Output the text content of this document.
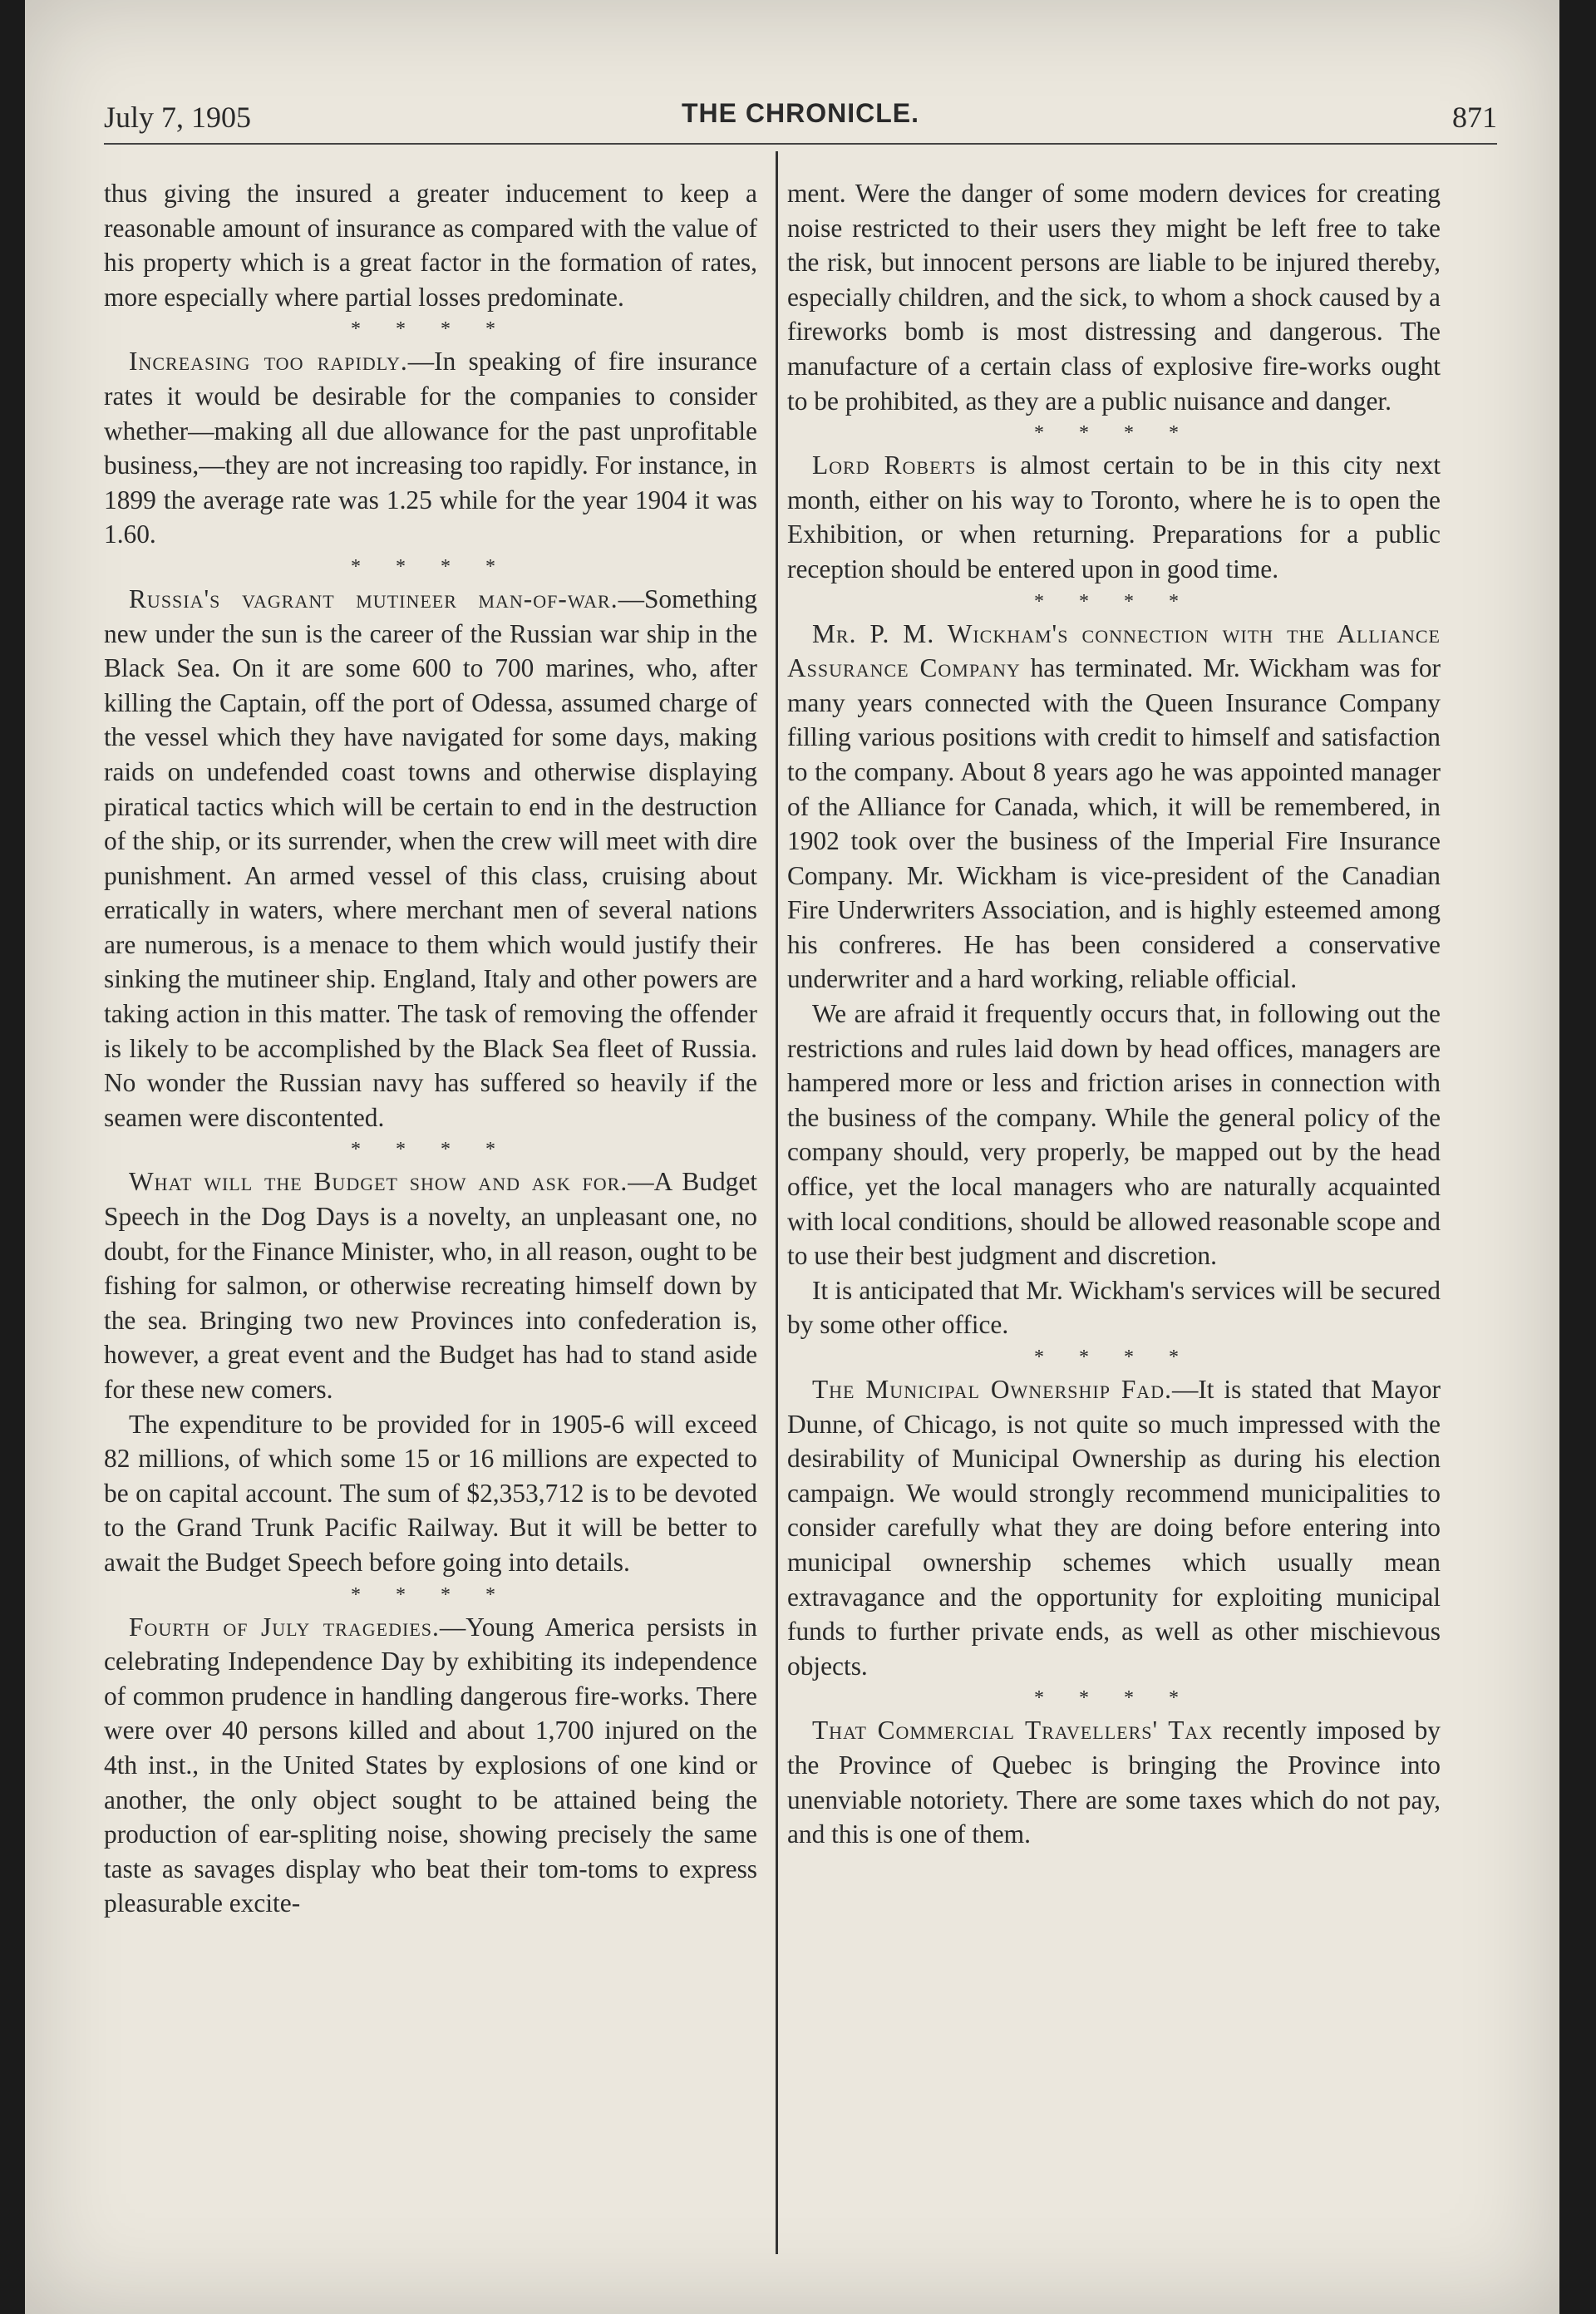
July 7, 1905	THE CHRONICLE.	871

thus giving the insured a greater inducement to keep a reasonable amount of insurance as compared with the value of his property which is a great factor in the formation of rates, more especially where partial losses predominate.

* * * *

Increasing too rapidly.—In speaking of fire insurance rates it would be desirable for the companies to consider whether—making all due allowance for the past unprofitable business,—they are not increasing too rapidly. For instance, in 1899 the average rate was 1.25 while for the year 1904 it was 1.60.

* * * *

Russia's vagrant mutineer man-of-war.—Something new under the sun is the career of the Russian war ship in the Black Sea. On it are some 600 to 700 marines, who, after killing the Captain, off the port of Odessa, assumed charge of the vessel which they have navigated for some days, making raids on undefended coast towns and otherwise displaying piratical tactics which will be certain to end in the destruction of the ship, or its surrender, when the crew will meet with dire punishment. An armed vessel of this class, cruising about erratically in waters, where merchant men of several nations are numerous, is a menace to them which would justify their sinking the mutineer ship. England, Italy and other powers are taking action in this matter. The task of removing the offender is likely to be accomplished by the Black Sea fleet of Russia. No wonder the Russian navy has suffered so heavily if the seamen were discontented.

* * * *

What will the Budget show and ask for.—A Budget Speech in the Dog Days is a novelty, an unpleasant one, no doubt, for the Finance Minister, who, in all reason, ought to be fishing for salmon, or otherwise recreating himself down by the sea. Bringing two new Provinces into confederation is, however, a great event and the Budget has had to stand aside for these new comers.

The expenditure to be provided for in 1905-6 will exceed 82 millions, of which some 15 or 16 millions are expected to be on capital account. The sum of $2,353,712 is to be devoted to the Grand Trunk Pacific Railway. But it will be better to await the Budget Speech before going into details.

* * * *

Fourth of July tragedies.—Young America persists in celebrating Independence Day by exhibiting its independence of common prudence in handling dangerous fire-works. There were over 40 persons killed and about 1,700 injured on the 4th inst., in the United States by explosions of one kind or another, the only object sought to be attained being the production of ear-spliting noise, showing precisely the same taste as savages display who beat their tom-toms to express pleasurable excite-

ment. Were the danger of some modern devices for creating noise restricted to their users they might be left free to take the risk, but innocent persons are liable to be injured thereby, especially children, and the sick, to whom a shock caused by a fireworks bomb is most distressing and dangerous. The manufacture of a certain class of explosive fire-works ought to be prohibited, as they are a public nuisance and danger.

* * * *

Lord Roberts is almost certain to be in this city next month, either on his way to Toronto, where he is to open the Exhibition, or when returning. Preparations for a public reception should be entered upon in good time.

* * * *

Mr. P. M. Wickham's connection with the Alliance Assurance Company has terminated. Mr. Wickham was for many years connected with the Queen Insurance Company filling various positions with credit to himself and satisfaction to the company. About 8 years ago he was appointed manager of the Alliance for Canada, which, it will be remembered, in 1902 took over the business of the Imperial Fire Insurance Company. Mr. Wickham is vice-president of the Canadian Fire Underwriters Association, and is highly esteemed among his confreres. He has been considered a conservative underwriter and a hard working, reliable official.

We are afraid it frequently occurs that, in following out the restrictions and rules laid down by head offices, managers are hampered more or less and friction arises in connection with the business of the company. While the general policy of the company should, very properly, be mapped out by the head office, yet the local managers who are naturally acquainted with local conditions, should be allowed reasonable scope and to use their best judgment and discretion.

It is anticipated that Mr. Wickham's services will be secured by some other office.

* * * *

The Municipal Ownership Fad.—It is stated that Mayor Dunne, of Chicago, is not quite so much impressed with the desirability of Municipal Ownership as during his election campaign. We would strongly recommend municipalities to consider carefully what they are doing before entering into municipal ownership schemes which usually mean extravagance and the opportunity for exploiting municipal funds to further private ends, as well as other mischievous objects.

* * * *

That Commercial Travellers' Tax recently imposed by the Province of Quebec is bringing the Province into unenviable notoriety. There are some taxes which do not pay, and this is one of them.
